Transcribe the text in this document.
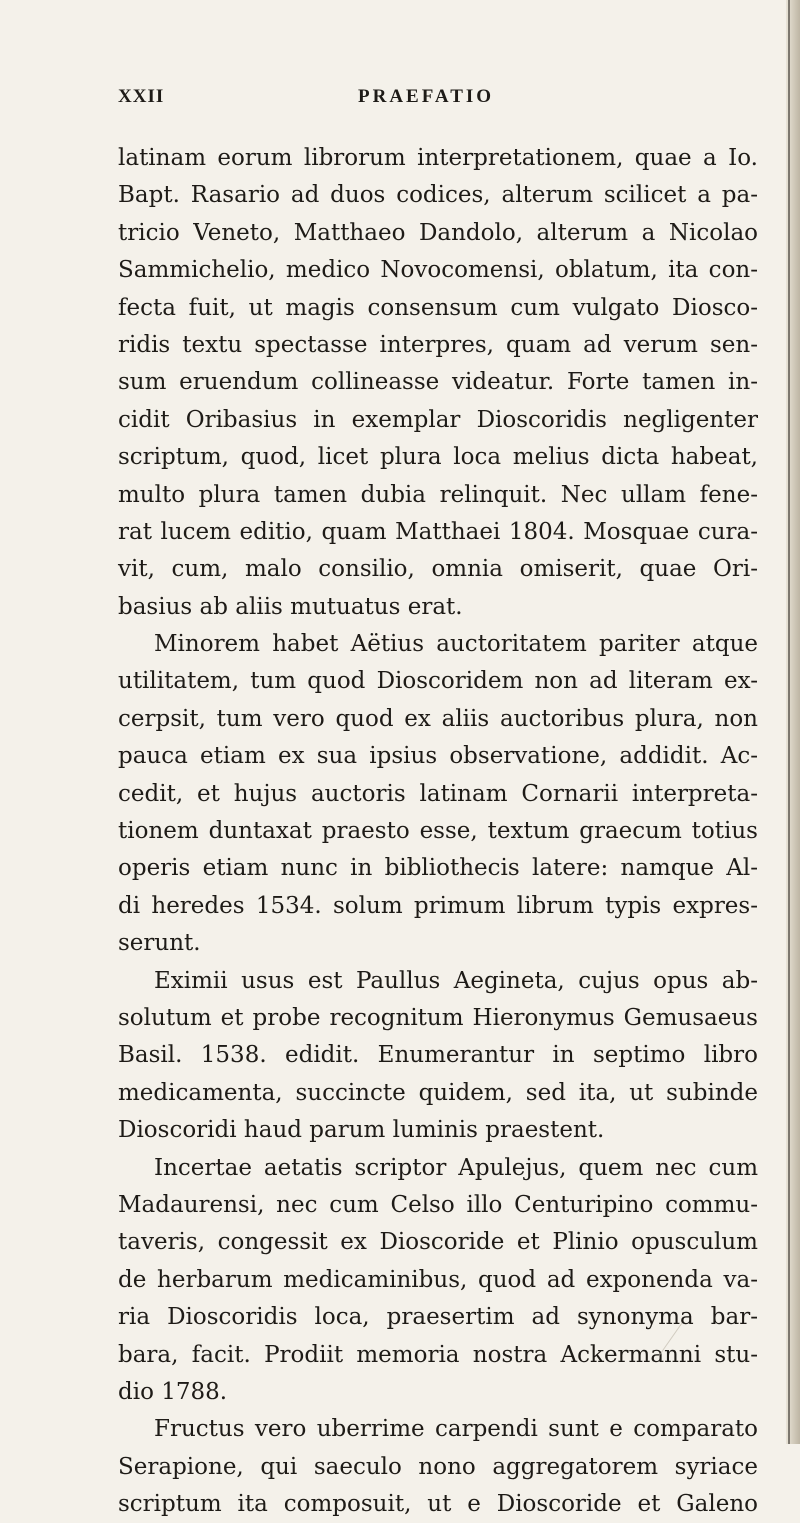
XXII	PRAEFATIO
latinam eorum librorum interpretationem, quae a Io.
Bapt. Rasario ad duos codices, alterum scilicet a pa-
tricio Veneto, Matthaeo Dandolo, alterum a Nicolao
Sammichelio, medico Novocomensi, oblatum, ita con-
fecta fuit, ut magis consensum cum vulgato Diosco-
ridis textu spectasse interpres, quam ad verum sen-
sum eruendum collineasse videatur. Forte tamen in-
cidit Oribasius in exemplar Dioscoridis negligenter
scriptum, quod, licet plura loca melius dicta habeat,
multo plura tamen dubia relinquit. Nec ullam fene-
rat lucem editio, quam Matthaei 1804. Mosquae cura-
vit, cum, malo consilio, omnia omiserit, quae Ori-
basius ab aliis mutuatus erat.
Minorem habet Aëtius auctoritatem pariter atque
utilitatem, tum quod Dioscoridem non ad literam ex-
cerpsit, tum vero quod ex aliis auctoribus plura, non
pauca etiam ex sua ipsius observatione, addidit. Ac-
cedit, et hujus auctoris latinam Cornarii interpreta-
tionem duntaxat praesto esse, textum graecum totius
operis etiam nunc in bibliothecis latere: namque Al-
di heredes 1534. solum primum librum typis expres-
serunt.
Eximii usus est Paullus Aegineta, cujus opus ab-
solutum et probe recognitum Hieronymus Gemusaeus
Basil. 1538. edidit. Enumerantur in septimo libro
medicamenta, succincte quidem, sed ita, ut subinde
Dioscoridi haud parum luminis praestent.
Incertae aetatis scriptor Apulejus, quem nec cum
Madaurensi, nec cum Celso illo Centuripino commu-
taveris, congessit ex Dioscoride et Plinio opusculum
de herbarum medicaminibus, quod ad exponenda va-
ria Dioscoridis loca, praesertim ad synonyma bar-
bara, facit. Prodiit memoria nostra Ackermanni stu-
dio 1788.
Fructus vero uberrime carpendi sunt e comparato
Serapione, qui saeculo nono aggregatorem syriace
scriptum ita composuit, ut e Dioscoride et Galeno
